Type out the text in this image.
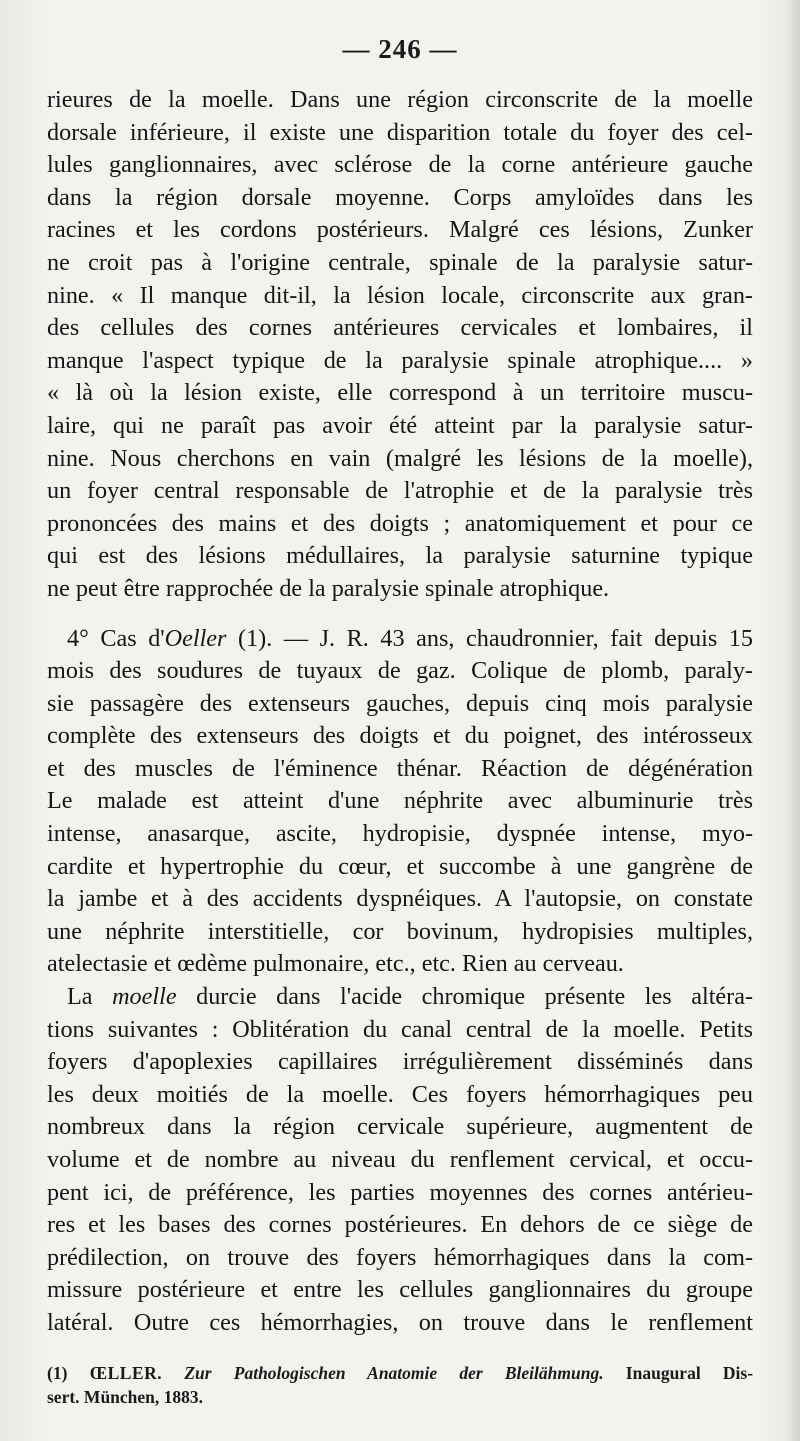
— 246 —
rieures de la moelle. Dans une région circonscrite de la moelle
dorsale inférieure, il existe une disparition totale du foyer des cel-
lules ganglionnaires, avec sclérose de la corne antérieure gauche
dans la région dorsale moyenne. Corps amyloïdes dans les
racines et les cordons postérieurs. Malgré ces lésions, Zunker
ne croit pas à l'origine centrale, spinale de la paralysie satur-
nine. « Il manque dit-il, la lésion locale, circonscrite aux gran-
des cellules des cornes antérieures cervicales et lombaires, il
manque l'aspect typique de la paralysie spinale atrophique.... »
« là où la lésion existe, elle correspond à un territoire muscu-
laire, qui ne paraît pas avoir été atteint par la paralysie satur-
nine. Nous cherchons en vain (malgré les lésions de la moelle),
un foyer central responsable de l'atrophie et de la paralysie très
prononcées des mains et des doigts ; anatomiquement et pour ce
qui est des lésions médullaires, la paralysie saturnine typique
ne peut être rapprochée de la paralysie spinale atrophique.
4° Cas d'Oeller (1). — J. R. 43 ans, chaudronnier, fait depuis 15
mois des soudures de tuyaux de gaz. Colique de plomb, paraly-
sie passagère des extenseurs gauches, depuis cinq mois paralysie
complète des extenseurs des doigts et du poignet, des intérosseux
et des muscles de l'éminence thénar. Réaction de dégénération
Le malade est atteint d'une néphrite avec albuminurie très
intense, anasarque, ascite, hydropisie, dyspnée intense, myo-
cardite et hypertrophie du cœur, et succombe à une gangrène de
la jambe et à des accidents dyspnéiques. A l'autopsie, on constate
une néphrite interstitielle, cor bovinum, hydropisies multiples,
atelectasie et œdème pulmonaire, etc., etc. Rien au cerveau.
La moelle durcie dans l'acide chromique présente les altéra-
tions suivantes : Oblitération du canal central de la moelle. Petits
foyers d'apoplexies capillaires irrégulièrement disséminés dans
les deux moitiés de la moelle. Ces foyers hémorrhagiques peu
nombreux dans la région cervicale supérieure, augmentent de
volume et de nombre au niveau du renflement cervical, et occu-
pent ici, de préférence, les parties moyennes des cornes antérieu-
res et les bases des cornes postérieures. En dehors de ce siège de
prédilection, on trouve des foyers hémorrhagiques dans la com-
missure postérieure et entre les cellules ganglionnaires du groupe
latéral. Outre ces hémorrhagies, on trouve dans le renflement
(1) ŒLLER. Zur Pathologischen Anatomie der Bleilähmung. Inaugural Dis-
sert. München, 1883.
